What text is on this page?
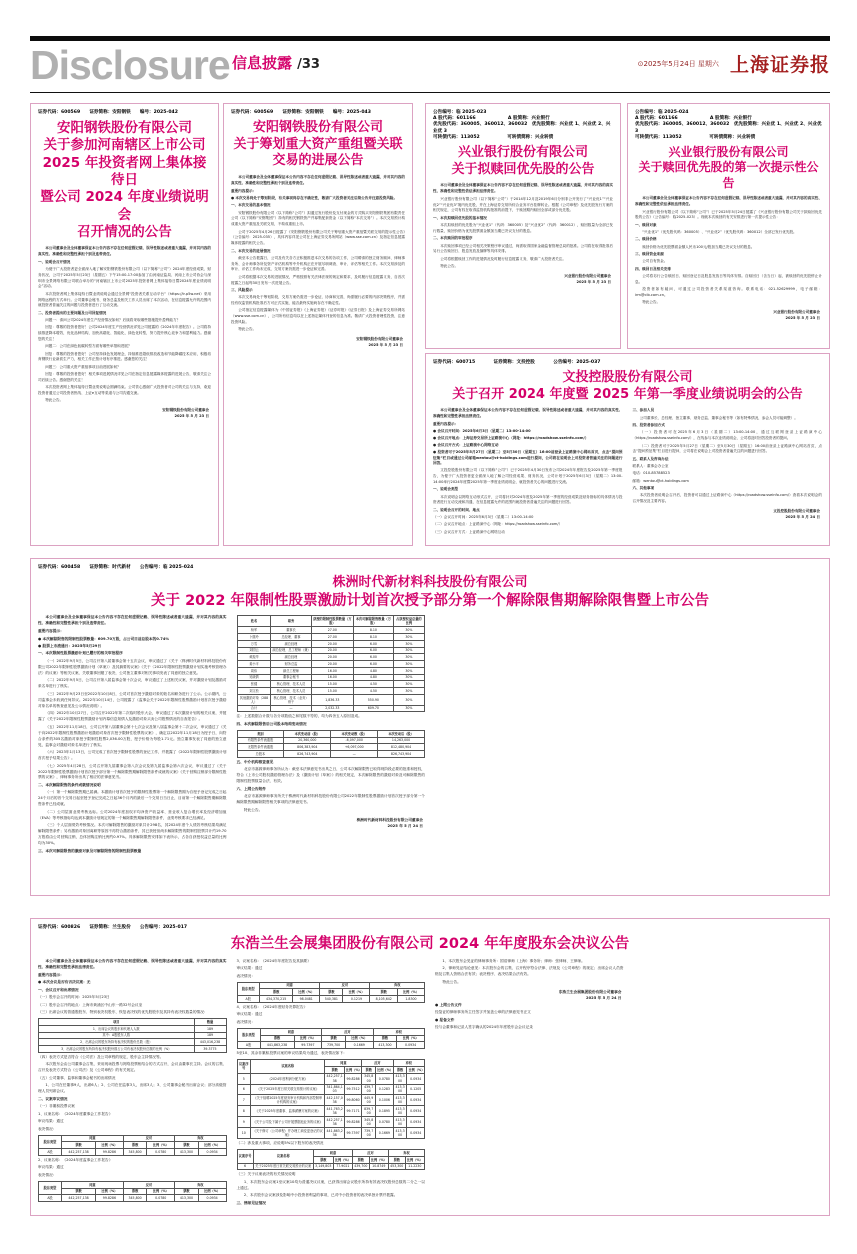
Disclosure 信息披露 /33	⊙2025年5月24日 星期六 上海证券报
证券代码：600569　　证券简称：安阳钢铁　　编号：2025-042
安阳钢铁股份有限公司
关于参加河南辖区上市公司
2025 年投资者网上集体接待日
暨公司 2024 年度业绩说明会
召开情况的公告
本公司董事会及全体董事保证本公告内容不存在任何虚假记载、误导性陈述或者重大遗漏，并对其内容的真实性、准确性和完整性承担个别及连带责任。
一、说明会召开情况
为便于广大投资者更全面深入地了解安阳钢铁股份有限公司（以下简称“公司”）2024年度经营成果、财务状况，公司于2025年5月23日（星期五）下午15:00-17:00参加了由河南证监局、河南上市公司协会与深圳市全景网络有限公司联合举办的“河南辖区上市公司2025年投资者网上集体接待日暨2024年度业绩说明会”活动。
本次投资者网上集体接待日暨业绩说明会通过全景网“投资者关系互动平台”（https://ir.p5w.net）采用网络远程的方式举行。公司董事会秘书、财务总监及相关工作人员出席了本次活动，在信息披露允许的范围内就投资者普遍关注的问题与投资者进行了互动交流。
二、投资者提出的主要问题及公司回复情况
问题一：请问公司2024年度生产经营情况如何？后续将采取哪些措施提升盈利能力？
回复：尊敬的投资者您好！公司2024年度生产经营情况详见公司披露的《2024年年度报告》。公司将持续推进降本增效，优化品种结构，加快高端化、智能化、绿色化转型，努力提升核心竞争力和盈利能力。感谢您的关注！
问题二：公司在绿色低碳转型方面有哪些举措和进展？
回复：尊敬的投资者您好！公司坚持绿色发展理念，持续推进超低排放改造和节能降碳技术应用，积极培育钢铁行业新质生产力，相关工作正按计划有序推进。感谢您的关注！
问题三：公司重大资产重组事项目前进展如何？
回复：尊敬的投资者您好！相关事项进展情况详见公司在指定信息披露媒体披露的进展公告，敬请关注公司后续公告。感谢您的关注！
本次投资者网上集体接待日暨业绩说明会圆满结束。公司衷心感谢广大投资者对公司的关注与支持，欢迎投资者通过公司投资者热线、上证e互动等渠道与公司沟通交流。
特此公告。
安阳钢铁股份有限公司董事会
2025 年 5 月 23 日
证券代码：600569　　证券简称：安阳钢铁　　编号：2025-043
安阳钢铁股份有限公司
关于筹划重大资产重组暨关联
交易的进展公告
本公司董事会及全体董事保证本公告内容不存在任何虚假记载、误导性陈述或者重大遗漏，并对其内容的真实性、准确性和完整性承担个别及连带责任。
重要内容提示：
● 本次交易尚处于筹划阶段，有关事项尚存在不确定性，敬请广大投资者关注后续公告并注意投资风险。
一、本次交易的基本情况
安阳钢铁股份有限公司（以下简称“公司”）拟通过发行股份及支付现金的方式购买安阳钢铁集团有限责任公司（以下简称“安钢集团”）持有的相关钢铁资产并募集配套资金（以下简称“本次交易”）。本次交易预计构成重大资产重组及关联交易，不构成重组上市。
公司于2025年4月26日披露了《安阳钢铁股份有限公司关于筹划重大资产重组暨关联交易的提示性公告》（公告编号：2025-035），具体内容详见公司在上海证券交易所网站（www.sse.com.cn）及指定信息披露媒体披露的相关公告。
二、本次交易的进展情况
截至本公告披露日，公司及有关各方正积极推进本次交易的各项工作，公司聘请的独立财务顾问、律师事务所、会计师事务所及资产评估机构等中介机构正在开展尽职调查、审计、评估等相关工作。本次交易涉及的审计、评估工作尚未完成，交易方案仍需进一步论证和完善。
公司将根据本次交易的进展情况，严格按照有关法律法规的规定和要求，及时履行信息披露义务，自首次披露之日起每30日发布一次进展公告。
三、风险提示
本次交易尚处于筹划阶段，交易方案仍需进一步论证、协商和完善，尚需履行必要的内部决策程序，并需经有权监管机构批准后方可正式实施，能否最终实施尚存在不确定性。
公司指定信息披露媒体为《中国证券报》《上海证券报》《证券时报》《证券日报》及上海证券交易所网站（www.sse.com.cn），公司所有信息均以在上述指定媒体刊登的信息为准。敬请广大投资者理性投资，注意投资风险。
特此公告。
安阳钢铁股份有限公司董事会
2025 年 5 月 23 日
公告编号：临 2025-023
A 股代码：601166　　　　　　　A 股简称：兴业银行
优先股代码：360005、360012、360032　优先股简称：兴业优 1、兴业优 2、兴业优 3
可转债代码：113052　　　　　　可转债简称：兴业转债
兴业银行股份有限公司
关于拟赎回优先股的公告
本公司董事会及全体董事保证本公告内容不存在任何虚假记载、误导性陈述或者重大遗漏，并对其内容的真实性、准确性和完整性依法承担法律责任。
兴业银行股份有限公司（以下简称“公司”）于2014年12月及2019年6月分别非公开发行了“兴业优1”“兴业优2”“兴业优3”境内优先股，并在上海证券交易所综合业务平台挂牌转让。根据《公司章程》及优先股发行方案的相关规定，公司有权在取得监管机构批准的前提下，于赎回期内赎回全部或部分优先股。
一、本次拟赎回优先股的基本情况
本次拟赎回的优先股为“兴业优1”（代码：360005）及“兴业优2”（代码：360012），赎回数量为全部已发行数量，赎回价格为优先股票面金额加当期已决议支付的股息。
二、本次赎回的审批程序
本次赎回事项已经公司相关决策程序审议通过，尚需取得国家金融监督管理总局的批准。公司将在取得批准后另行公告赎回日、股息发放及摘牌等具体安排。
公司将根据赎回工作的进展情况及时履行信息披露义务，敬请广大投资者关注。
特此公告。
兴业银行股份有限公司董事会
2025 年 5 月 23 日
公告编号：临 2025-024
A 股代码：601166　　　　　　　A 股简称：兴业银行
优先股代码：360005、360012、360032　优先股简称：兴业优 1、兴业优 2、兴业优 3
可转债代码：113052　　　　　　可转债简称：兴业转债
兴业银行股份有限公司
关于赎回优先股的第一次提示性公告
本公司董事会及全体董事保证本公告内容不存在任何虚假记载、误导性陈述或者重大遗漏，并对其内容的真实性、准确性和完整性依法承担法律责任。
兴业银行股份有限公司（以下简称“公司”）已于2025年5月24日披露了《兴业银行股份有限公司关于拟赎回优先股的公告》（公告编号：临2025-023）。现就本次赎回的有关安排进行第一次提示性公告：
一、赎回对象
“兴业优1”（优先股代码：360005）、“兴业优2”（优先股代码：360012）全部已发行优先股。
二、赎回价格
赎回价格为优先股票面金额人民币100元/股加当期已决议支付的股息。
三、赎回资金来源
公司自有资金。
四、赎回日及相关安排
公司将另行公告赎回日、赎回登记日及股息发放日等具体安排。自赎回日（含当日）起，被赎回的优先股停止计息。
投资者如有疑问，可通过公司投资者关系渠道咨询。联系电话：021-52629999，电子邮箱：irm@cib.com.cn。
特此公告。
兴业银行股份有限公司董事会
2025 年 5 月 23 日
证券代码：600715　　　　证券简称：文投控股　　　　公告编号：2025-037
文投控股股份有限公司
关于召开 2024 年度暨 2025 年第一季度业绩说明会的公告
本公司董事会及全体董事保证本公告内容不存在任何虚假记载、误导性陈述或者重大遗漏，并对其内容的真实性、准确性和完整性承担法律责任。
重要内容提示：
● 会议召开时间：2025年6月3日（星期二）13:00-14:00
● 会议召开地点：上海证券交易所上证路演中心（网址：https://roadshow.sseinfo.com/）
● 会议召开方式：上证路演中心网络互动
● 投资者可于2025年5月27日（星期二）至5月30日（星期五）16:00前登录上证路演中心网站首页，点击“提问预征集”栏目或通过公司邮箱wentou@ct-holdings.com进行提问，公司将在说明会上对投资者普遍关注的问题进行回答。
文投控股股份有限公司（以下简称“公司”）已于2025年4月30日发布公司2024年年度报告及2025年第一季度报告，为便于广大投资者更全面深入地了解公司经营成果、财务状况，公司计划于2025年6月3日（星期二）13:00-14:00举行2024年度暨2025年第一季度业绩说明会，就投资者关心的问题进行交流。
一、说明会类型
本次说明会以网络互动形式召开，公司将针对2024年度及2025年第一季度的经营成果及财务指标的具体情况与投资者进行互动交流和沟通，在信息披露允许的范围内就投资者普遍关注的问题进行回答。
二、说明会召开的时间、地点
（一）会议召开时间：2025年6月3日（星期二）13:00-14:00
（二）会议召开地点：上证路演中心（网址：https://roadshow.sseinfo.com/）
（三）会议召开方式：上证路演中心网络互动
三、参加人员
公司董事长、总经理、独立董事、财务总监、董事会秘书等（如有特殊情况，参会人员可能调整）。
四、投资者参加方式
（一）投资者可在2025年6月3日（星期二）13:00-14:00，通过互联网登录上证路演中心（https://roadshow.sseinfo.com/），在线参与本次业绩说明会，公司将及时回答投资者的提问。
（二）投资者可于2025年5月27日（星期二）至5月30日（星期五）16:00前登录上证路演中心网站首页，点击“提问预征集”栏目进行提问，公司将在说明会上对投资者普遍关注的问题进行回答。
五、联系人及咨询办法
联系人：董事会办公室
电话：010-85788523
邮箱：wentou@ct-holdings.com
六、其他事项
本次投资者说明会召开后，投资者可以通过上证路演中心（https://roadshow.sseinfo.com/）查看本次说明会的召开情况及主要内容。
文投控股股份有限公司董事会
2025 年 5 月 24 日
证券代码：600458　　证券简称：时代新材　　公告编号：临 2025-024
株洲时代新材料科技股份有限公司
关于 2022 年限制性股票激励计划首次授予部分第一个解除限售期解除限售暨上市公告
本公司董事会及全体董事保证本公告内容不存在任何虚假记载、误导性陈述或者重大遗漏，并对其内容的真实性、准确性和完整性承担个别及连带责任。
重要内容提示：
● 本次解除限售的限制性股票数量：609.70万股，占公司目前总股本的0.74%
● 股票上市流通日：2025年5月29日
一、本次限制性股票激励计划已履行的相关审批程序
（一）2022年9月5日，公司召开第八届董事会第十五次会议，审议通过了《关于〈株洲时代新材料科技股份有限公司2022年限制性股票激励计划（草案）〉及其摘要的议案》《关于〈2022年限制性股票激励计划实施考核管理办法〉的议案》等相关议案，关联董事回避了表决，公司独立董事对相关事项发表了同意的独立意见。
（二）2022年9月5日，公司召开第八届监事会第十次会议，审议通过了上述相关议案，并对激励计划及激励对象名单进行了核实。
（三）2022年9月23日至2022年10月8日，公司对首次授予激励对象的姓名和职务进行了公示。公示期内，公司监事会未收到任何异议。2022年10月14日，公司披露了《监事会关于2022年限制性股票激励计划首次授予激励对象名单的核查意见及公示情况说明》。
（四）2022年10月27日，公司召开2022年第二次临时股东大会，审议通过了本次激励计划的相关议案，并披露了《关于2022年限制性股票激励计划内幕信息知情人及激励对象买卖公司股票情况的自查报告》。
（五）2022年11月18日，公司召开第八届董事会第十七次会议及第八届监事会第十二次会议，审议通过了《关于向2022年限制性股票激励计划激励对象首次授予限制性股票的议案》，确定以2022年11月18日为授予日，向符合条件的305名激励对象授予限制性股票2,036.00万股，授予价格为每股1.71元。独立董事发表了同意的独立意见，监事会对激励对象名单进行了核实。
（六）2023年1月13日，公司完成了首次授予限制性股票的登记工作，并披露了《2022年限制性股票激励计划首次授予结果公告》。
（七）2025年4月28日，公司召开第九届董事会第八次会议及第九届监事会第六次会议，审议通过了《关于2022年限制性股票激励计划首次授予部分第一个解除限售期解除限售条件成就的议案》《关于回购注销部分限制性股票的议案》，律师事务所出具了相应的法律意见书。
二、本次解除限售的条件成就情况说明
（一）第一个解除限售期已届满。本激励计划首次授予的限制性股票第一个解除限售期为自授予登记完成之日起24个月后的首个交易日起至授予登记完成之日起36个月内的最后一个交易日当日止，目前第一个解除限售期解除限售条件已经成就。
（二）公司层面业绩考核达标。公司2024年度加权平均净资产收益率、营业收入复合增长率及经济增加值（EVA）等考核指标均达到本激励计划规定的第一个解除限售期解除限售条件，业绩考核要求已经满足。
（三）个人层面绩效考核情况。本次可解除限售的激励对象共计298名，其2024年度个人绩效考核结果均满足解除限售条件；另有激励对象因离职等原因不再符合激励条件，其已获授但尚未解除限售的限制性股票共计约19.70万股将由公司回购注销，总体回购注销比例约0.97%。具体解除限售安排如下表所示，占各自获授权益总量的比例均为30%。
三、本次可解除限售的激励对象及可解除限售的限制性股票数量
姓名	职务	获授的限制性股票数量（万股）	本次可解除限售数量（万股）	占获授权益总量的比例
杨军	董事长	27.00	8.10	30%
卜继玲	总经理、董事	27.00	8.10	30%
万雪	副总经理	20.00	6.00	30%
刘国云	副总经理、总工程师（兼）	20.00	6.00	30%
黄振华	副总经理	20.00	6.00	30%
姜小平	财务总监	20.00	6.00	30%
周伟	副总工程师	16.00	4.80	30%
吴晓倩	董事会秘书	16.00	4.80	30%
张健	核心管理、技术人员	15.00	4.50	30%
刘文松	核心管理、技术人员	15.00	4.50	30%
其他激励对象（288人）	核心管理、技术（业务）骨干	1,836.33	550.90	30%
合计	—	2,032.33	609.70	30%
注：上述数据合计数与各分项数值之和尾数不符的，均为四舍五入原因造成。
四、本次解除限售后公司股本结构变动情况
类别	本次变动前（股）	本次变动数（股）	本次变动后（股）
有限售条件流通股	20,360,000	-6,097,000	14,263,000
无限售条件流通股	806,383,904	+6,097,000	812,480,904
总股本	826,743,904	—	826,743,904
五、中介机构核查意见
北京市嘉源律师事务所认为：截至本法律意见书出具之日，公司本次解除限售已取得现阶段必要的批准和授权，符合《上市公司股权激励管理办法》及《激励计划（草案）》的相关规定，本次解除限售的激励对象及可解除限售的限制性股票数量合法、有效。
六、上网公告附件
北京市嘉源律师事务所关于株洲时代新材料科技股份有限公司2022年限制性股票激励计划首次授予部分第一个解除限售期解除限售相关事项的法律意见书。
特此公告。
株洲时代新材料科技股份有限公司董事会
2025 年 5 月 24 日
证券代码：600826　　证券简称：兰生股份　　公告编号：2025-017
东浩兰生会展集团股份有限公司 2024 年年度股东会决议公告
本公司董事会及全体董事保证本公告内容不存在任何虚假记载、误导性陈述或者重大遗漏，并对其内容的真实性、准确性和完整性承担法律责任。
重要内容提示：
● 本次会议是否有否决议案：无
一、会议召开和出席情况
（一）股东会召开的时间：2025年5月23日
（二）股东会召开的地点：上海市黄浦区中山东一路32号会议室
（三）出席会议的普通股股东、特别表决权股东、恢复表决权的优先股股东及其持有表决权数量的情况：
项目	数量
1、出席会议的股东和代理人人数	189
其中：A股股东人数	189
2、出席会议的股东所持有表决权的股份总数（股）	443,016,238
3、出席会议的股东所持有表决权股份数占公司有表决权股份总数的比例（%）	39.3775
（四）表决方式是否符合《公司法》及公司章程的规定，股东会主持情况等。
本次股东会由公司董事会召集，采用现场投票与网络投票相结合的方式召开，会议由董事长主持。会议的召集、召开及表决方式符合《公司法》及《公司章程》的有关规定。
（五）公司董事、监事和董事会秘书的出席情况
1、公司在任董事9人，出席6人；2、公司在任监事3人，出席3人；3、公司董事会秘书出席会议；部分高级管理人员列席会议。
二、议案审议情况
（一）非累积投票议案
1、议案名称：《2024年度董事会工作报告》
审议结果：通过
表决情况：
股东类型	同意		反对		弃权	
	票数	比例（%）	票数	比例（%）	票数	比例（%）
A股	442,257,138	99.8286	345,800	0.0780	413,300	0.0934
2、议案名称：《2024年度监事会工作报告》
审议结果：通过
表决情况：
股东类型	同意		反对		弃权	
	票数	比例（%）	票数	比例（%）	票数	比例（%）
A股	442,257,138	99.8286	345,800	0.0780	413,300	0.0934
3、议案名称：《2024年年度报告及其摘要》
审议结果：通过
表决情况：
股东类型	同意		反对		弃权	
	票数	比例（%）	票数	比例（%）	票数	比例（%）
A股	434,370,215	98.0481	540,381	0.1219	8,105,642	1.8300
4、议案名称：《2024年度财务决算报告》
审议结果：通过
表决情况：
股东类型	同意		反对		弃权	
	票数	比例（%）	票数	比例（%）	票数	比例（%）
A股	441,863,238	99.7397	739,700	0.1669	413,300	0.0934
5至10、其余非累积投票议案的审议结果均为通过，表决情况如下：
议案序号	议案名称	同意		反对		弃权	
		票数	比例（%）	票数	比例（%）	票数	比例（%）
5	《2024年度利润分配方案》	442,257,138	99.8286	345,800	0.0780	413,300	0.0934
6	《关于2025年度日常关联交易预计的议案》	341,864,103	99.7512	439,700	0.1283	413,300	0.1205
7	《关于续聘2025年度财务审计机构和内部控制审计机构的议案》	442,157,038	99.8060	445,900	0.1006	413,300	0.0934
8	《关于2025年度董事、监事薪酬方案的议案》	441,763,238	99.7171	839,700	0.1895	413,300	0.0934
9	《关于公司及下属子公司开展票据池业务的议案》	442,257,138	99.8286	345,800	0.0780	413,300	0.0934
10	《关于修订〈公司章程〉并办理工商变更登记的议案》	441,863,238	99.7397	739,700	0.1669	413,300	0.0934
（二）涉及重大事项，应说明5%以下股东的表决情况
议案序号	议案名称	同意		反对		弃权	
		票数	比例（%）	票数	比例（%）	票数	比例（%）
6	关于2025年度日常关联交易预计的议案	3,149,803	77.9021	439,700	10.8749	453,300	11.2230
（三）关于议案表决的有关情况说明
1、本次股东会议案1至议案10均为普通决议议案，已获得出席会议股东所持有效表决权股份总数的二分之一以上通过。
2、本次股东会议案涉及影响中小投资者利益的事项，已对中小投资者的表决单独计票并披露。
三、律师见证情况
1、本次股东会见证的律师事务所：国浩律师（上海）事务所；律师：张律师、王律师。
2、律师见证结论意见：本次股东会的召集、召开程序符合法律、法规及《公司章程》的规定；出席会议人员资格及召集人资格合法有效；表决程序、表决结果合法有效。
特此公告。
东浩兰生会展集团股份有限公司董事会
2025 年 5 月 24 日
● 上网公告文件
经鉴证的律师事务所主任签字并加盖公章的法律意见书正文
● 报备文件
经与会董事和记录人签字确认的2024年年度股东会会议记录
